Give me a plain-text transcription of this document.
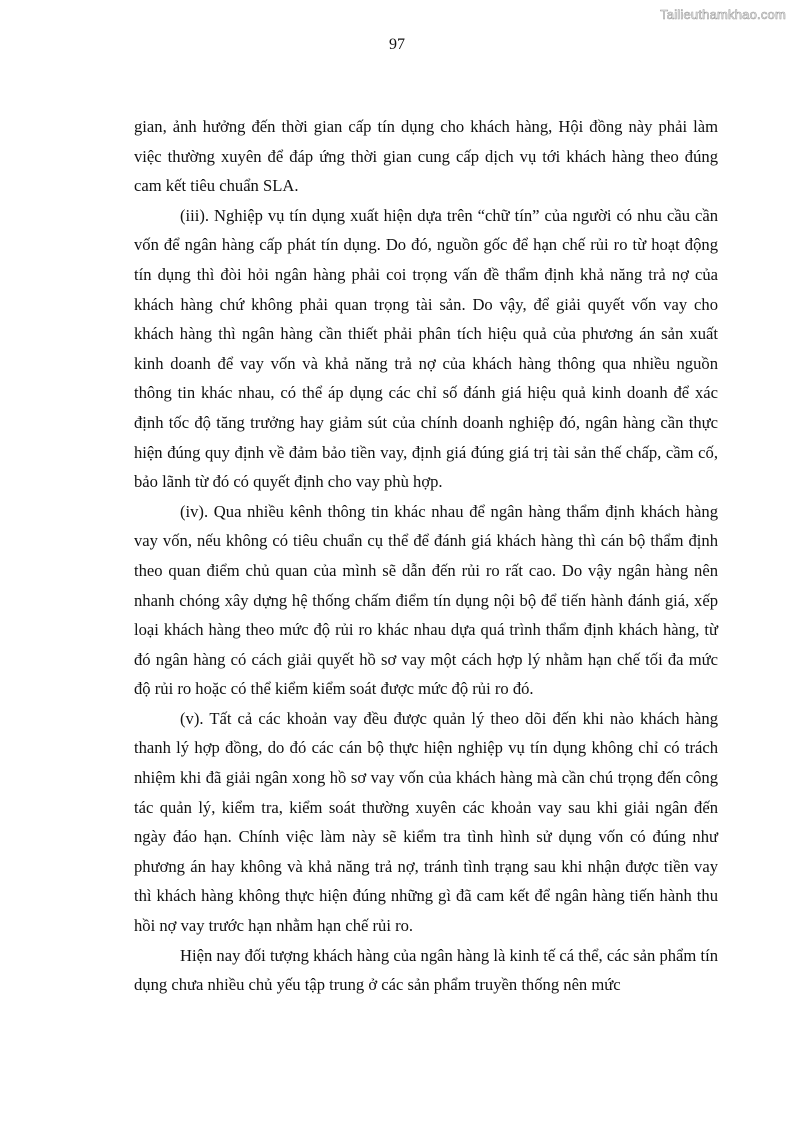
Tailieuthamkhao.com
97

gian, ảnh hưởng đến thời gian cấp tín dụng cho khách hàng, Hội đồng này phải làm việc thường xuyên để đáp ứng thời gian cung cấp dịch vụ tới khách hàng theo đúng cam kết tiêu chuẩn SLA.

(iii). Nghiệp vụ tín dụng xuất hiện dựa trên “chữ tín” của người có nhu cầu cần vốn để ngân hàng cấp phát tín dụng. Do đó, nguồn gốc để hạn chế rủi ro từ hoạt động tín dụng thì đòi hỏi ngân hàng phải coi trọng vấn đề thẩm định khả năng trả nợ của khách hàng chứ không phải quan trọng tài sản. Do vậy, để giải quyết vốn vay cho khách hàng thì ngân hàng cần thiết phải phân tích hiệu quả của phương án sản xuất kinh doanh để vay vốn và khả năng trả nợ của khách hàng thông qua nhiều nguồn thông tin khác nhau, có thể áp dụng các chỉ số đánh giá hiệu quả kinh doanh để xác định tốc độ tăng trưởng hay giảm sút của chính doanh nghiệp đó, ngân hàng cần thực hiện đúng quy định về đảm bảo tiền vay, định giá đúng giá trị tài sản thế chấp, cầm cố, bảo lãnh từ đó có quyết định cho vay phù hợp.

(iv). Qua nhiều kênh thông tin khác nhau để ngân hàng thẩm định khách hàng vay vốn, nếu không có tiêu chuẩn cụ thể để đánh giá khách hàng thì cán bộ thẩm định theo quan điểm chủ quan của mình sẽ dẫn đến rủi ro rất cao. Do vậy ngân hàng nên nhanh chóng xây dựng hệ thống chấm điểm tín dụng nội bộ để tiến hành đánh giá, xếp loại khách hàng theo mức độ rủi ro khác nhau dựa quá trình thẩm định khách hàng, từ đó ngân hàng có cách giải quyết hồ sơ vay một cách hợp lý nhằm hạn chế tối đa mức độ rủi ro hoặc có thể kiểm kiểm soát được mức độ rủi ro đó.

(v). Tất cả các khoản vay đều được quản lý theo dõi đến khi nào khách hàng thanh lý hợp đồng, do đó các cán bộ thực hiện nghiệp vụ tín dụng không chỉ có trách nhiệm khi đã giải ngân xong hồ sơ vay vốn của khách hàng mà cần chú trọng đến công tác quản lý, kiểm tra, kiểm soát thường xuyên các khoản vay sau khi giải ngân đến ngày đáo hạn. Chính việc làm này sẽ kiểm tra tình hình sử dụng vốn có đúng như phương án hay không và khả năng trả nợ, tránh tình trạng sau khi nhận được tiền vay thì khách hàng không thực hiện đúng những gì đã cam kết để ngân hàng tiến hành thu hồi nợ vay trước hạn nhằm hạn chế rủi ro.

Hiện nay đối tượng khách hàng của ngân hàng là kinh tế cá thể, các sản phẩm tín dụng chưa nhiều chủ yếu tập trung ở các sản phẩm truyền thống nên mức
